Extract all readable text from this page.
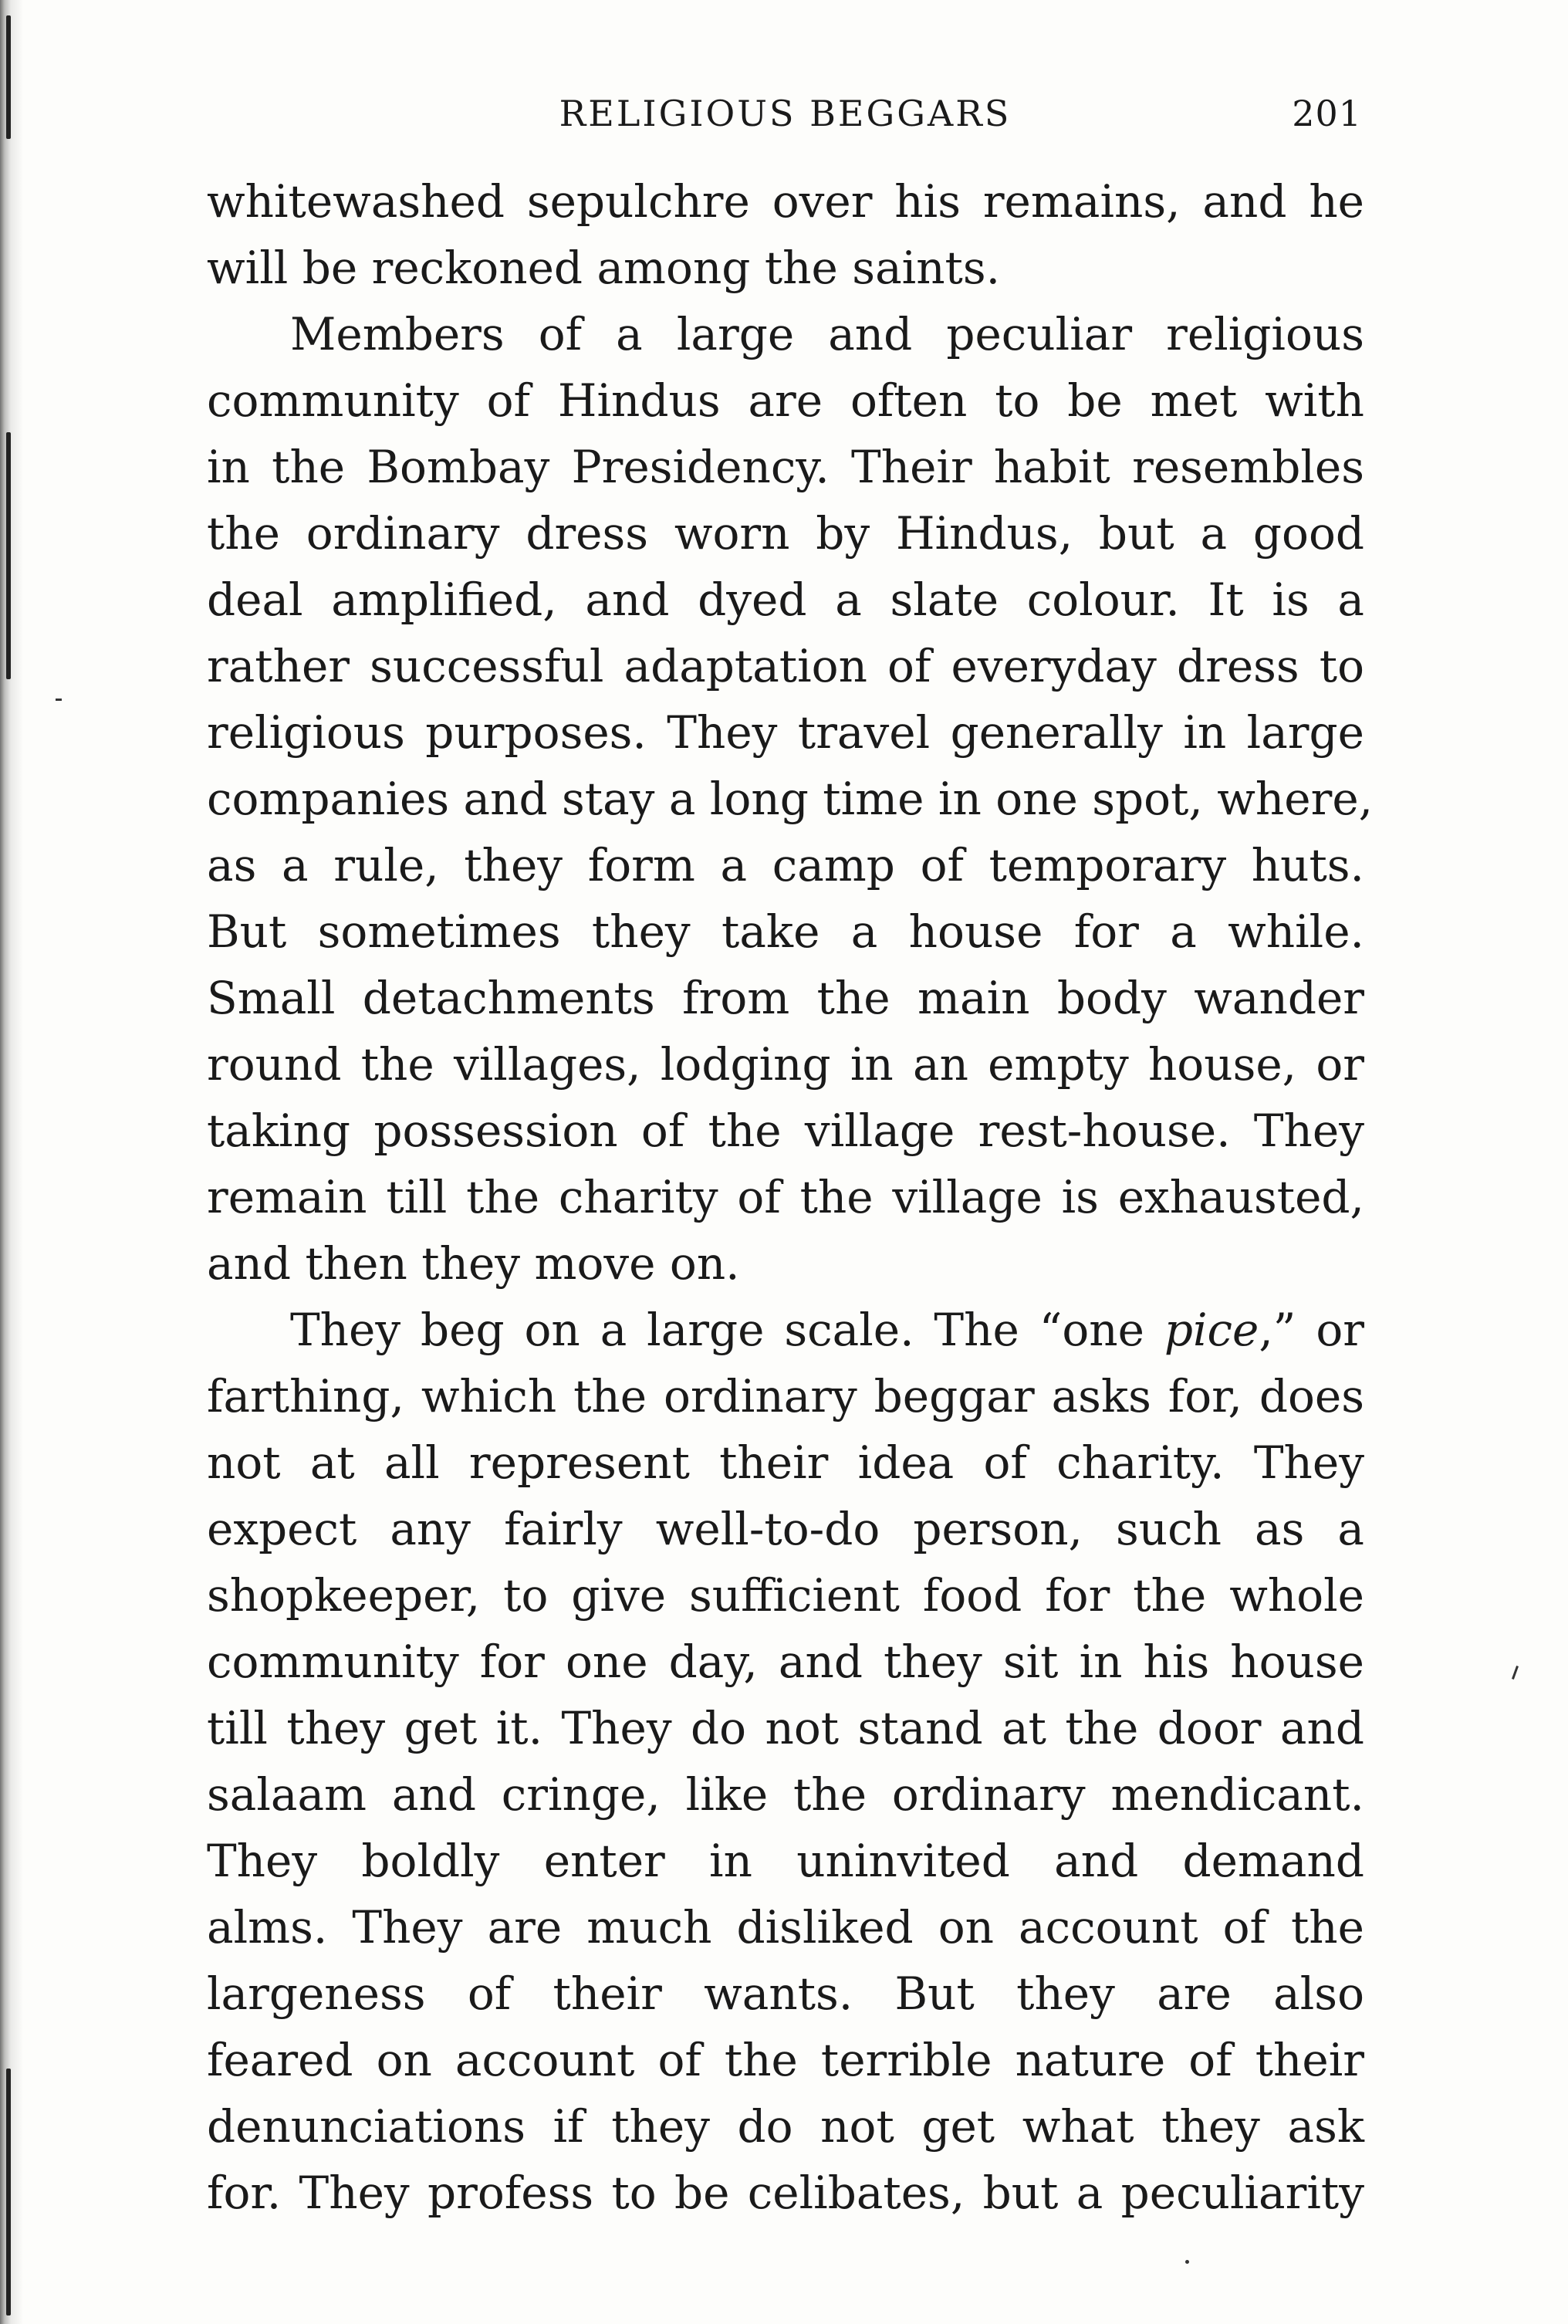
RELIGIOUS BEGGARS	201
whitewashed sepulchre over his remains, and he
will be reckoned among the saints.
Members of a large and peculiar religious
community of Hindus are often to be met with
in the Bombay Presidency. Their habit resembles
the ordinary dress worn by Hindus, but a good
deal amplified, and dyed a slate colour. It is a
rather successful adaptation of everyday dress to
religious purposes. They travel generally in large
companies and stay a long time in one spot, where,
as a rule, they form a camp of temporary huts.
But sometimes they take a house for a while.
Small detachments from the main body wander
round the villages, lodging in an empty house, or
taking possession of the village rest-house. They
remain till the charity of the village is exhausted,
and then they move on.
They beg on a large scale. The “one pice,” or
farthing, which the ordinary beggar asks for, does
not at all represent their idea of charity. They
expect any fairly well-to-do person, such as a
shopkeeper, to give sufficient food for the whole
community for one day, and they sit in his house
till they get it. They do not stand at the door and
salaam and cringe, like the ordinary mendicant.
They boldly enter in uninvited and demand
alms. They are much disliked on account of the
largeness of their wants. But they are also
feared on account of the terrible nature of their
denunciations if they do not get what they ask
for. They profess to be celibates, but a peculiarity
